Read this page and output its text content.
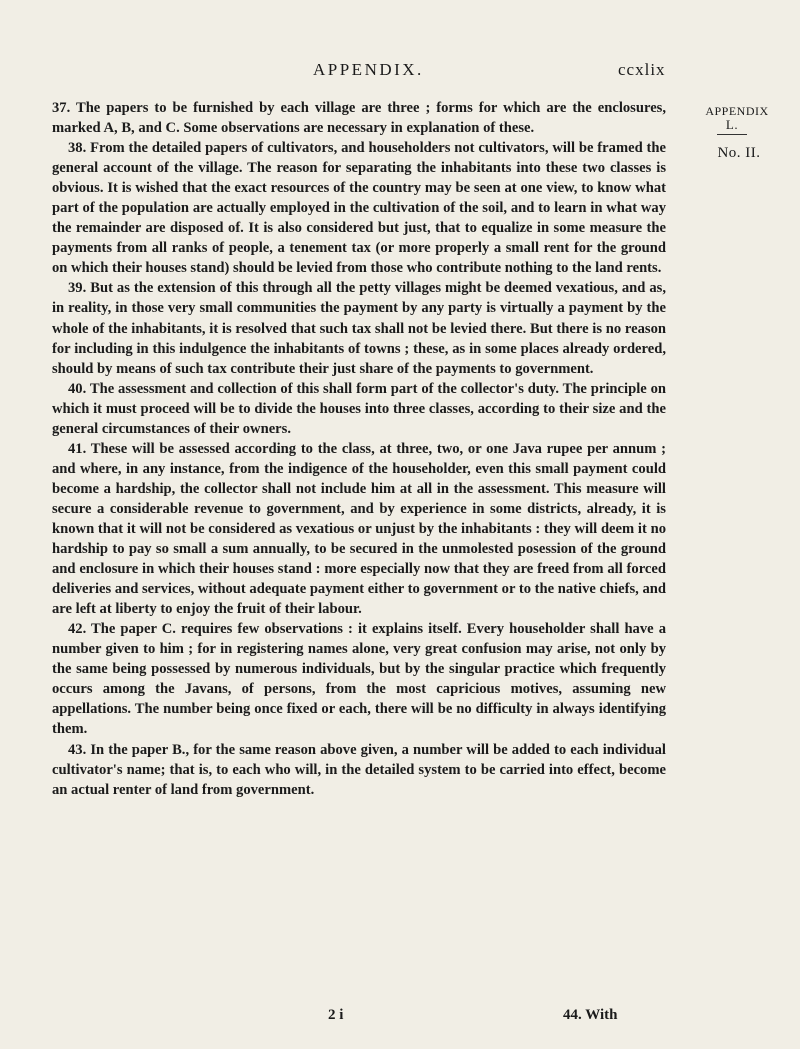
APPENDIX.	ccxlix
APPENDIX
L.
No. II.

37. The papers to be furnished by each village are three ; forms for which are the enclosures, marked A, B, and C. Some observations are necessary in explanation of these.

38. From the detailed papers of cultivators, and householders not cultivators, will be framed the general account of the village. The reason for separating the inhabitants into these two classes is obvious. It is wished that the exact resources of the country may be seen at one view, to know what part of the population are actually employed in the cultivation of the soil, and to learn in what way the remainder are disposed of. It is also considered but just, that to equalize in some measure the payments from all ranks of people, a tenement tax (or more properly a small rent for the ground on which their houses stand) should be levied from those who contribute nothing to the land rents.

39. But as the extension of this through all the petty villages might be deemed vexatious, and as, in reality, in those very small communities the payment by any party is virtually a payment by the whole of the inhabitants, it is resolved that such tax shall not be levied there. But there is no reason for including in this indulgence the inhabitants of towns ; these, as in some places already ordered, should by means of such tax contribute their just share of the payments to government.

40. The assessment and collection of this shall form part of the collector's duty. The principle on which it must proceed will be to divide the houses into three classes, according to their size and the general circumstances of their owners.

41. These will be assessed according to the class, at three, two, or one Java rupee per annum ; and where, in any instance, from the indigence of the householder, even this small payment could become a hardship, the collector shall not include him at all in the assessment. This measure will secure a considerable revenue to government, and by experience in some districts, already, it is known that it will not be considered as vexatious or unjust by the inhabitants : they will deem it no hardship to pay so small a sum annually, to be secured in the unmolested posession of the ground and enclosure in which their houses stand : more especially now that they are freed from all forced deliveries and services, without adequate payment either to government or to the native chiefs, and are left at liberty to enjoy the fruit of their labour.

42. The paper C. requires few observations : it explains itself. Every householder shall have a number given to him ; for in registering names alone, very great confusion may arise, not only by the same being possessed by numerous individuals, but by the singular practice which frequently occurs among the Javans, of persons, from the most capricious motives, assuming new appellations. The number being once fixed or each, there will be no difficulty in always identifying them.

43. In the paper B., for the same reason above given, a number will be added to each individual cultivator's name; that is, to each who will, in the detailed system to be carried into effect, become an actual renter of land from government.

2 i	44. With
